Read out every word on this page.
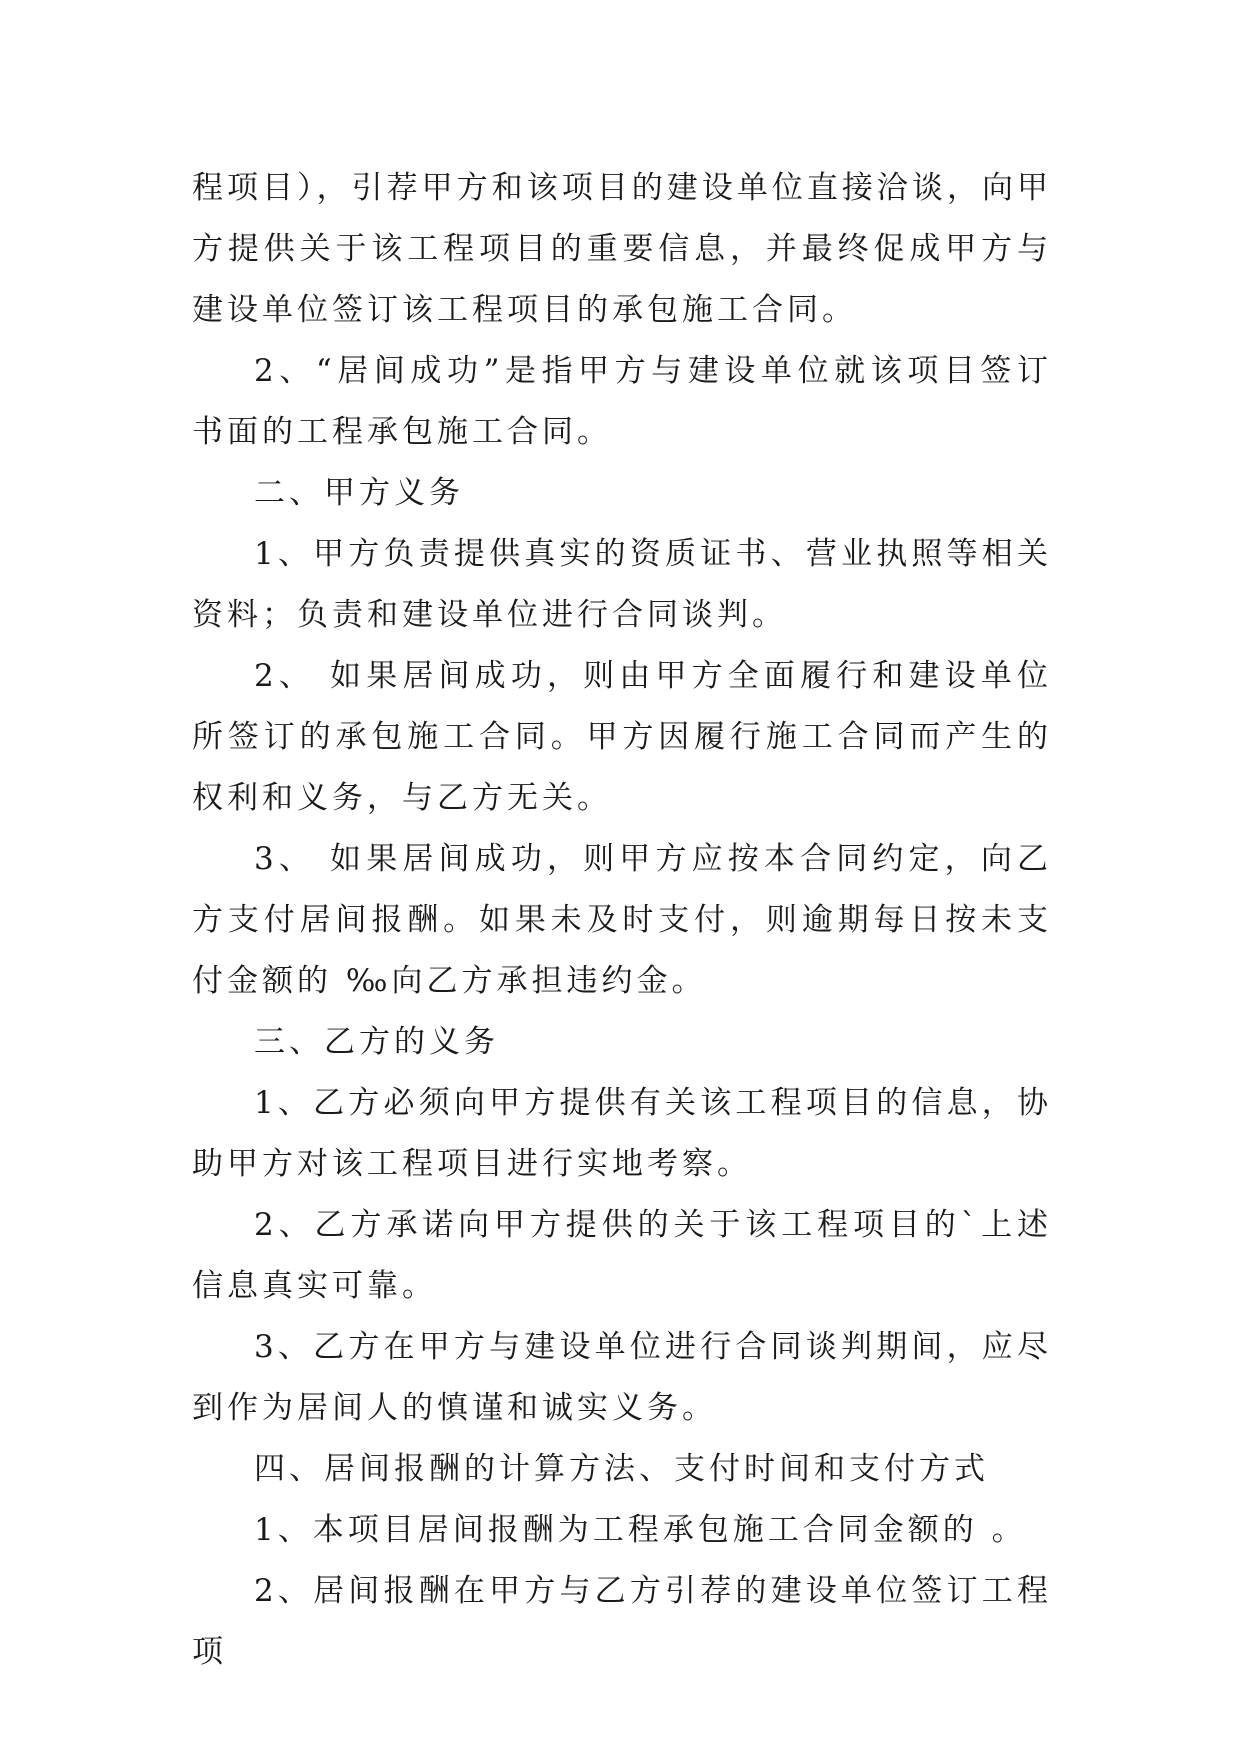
程项目），引荐甲方和该项目的建设单位直接洽谈，向甲方提供关于该工程项目的重要信息，并最终促成甲方与建设单位签订该工程项目的承包施工合同。

2、“居间成功”是指甲方与建设单位就该项目签订书面的工程承包施工合同。

二、甲方义务

1、甲方负责提供真实的资质证书、营业执照等相关资料；负责和建设单位进行合同谈判。

2、 如果居间成功，则由甲方全面履行和建设单位所签订的承包施工合同。甲方因履行施工合同而产生的权利和义务，与乙方无关。

3、 如果居间成功，则甲方应按本合同约定，向乙方支付居间报酬。如果未及时支付，则逾期每日按未支付金额的 ‰向乙方承担违约金。

三、乙方的义务

1、乙方必须向甲方提供有关该工程项目的信息，协助甲方对该工程项目进行实地考察。

2、乙方承诺向甲方提供的关于该工程项目的`上述信息真实可靠。

3、乙方在甲方与建设单位进行合同谈判期间，应尽到作为居间人的慎谨和诚实义务。

四、居间报酬的计算方法、支付时间和支付方式

1、本项目居间报酬为工程承包施工合同金额的 。

2、居间报酬在甲方与乙方引荐的建设单位签订工程项
